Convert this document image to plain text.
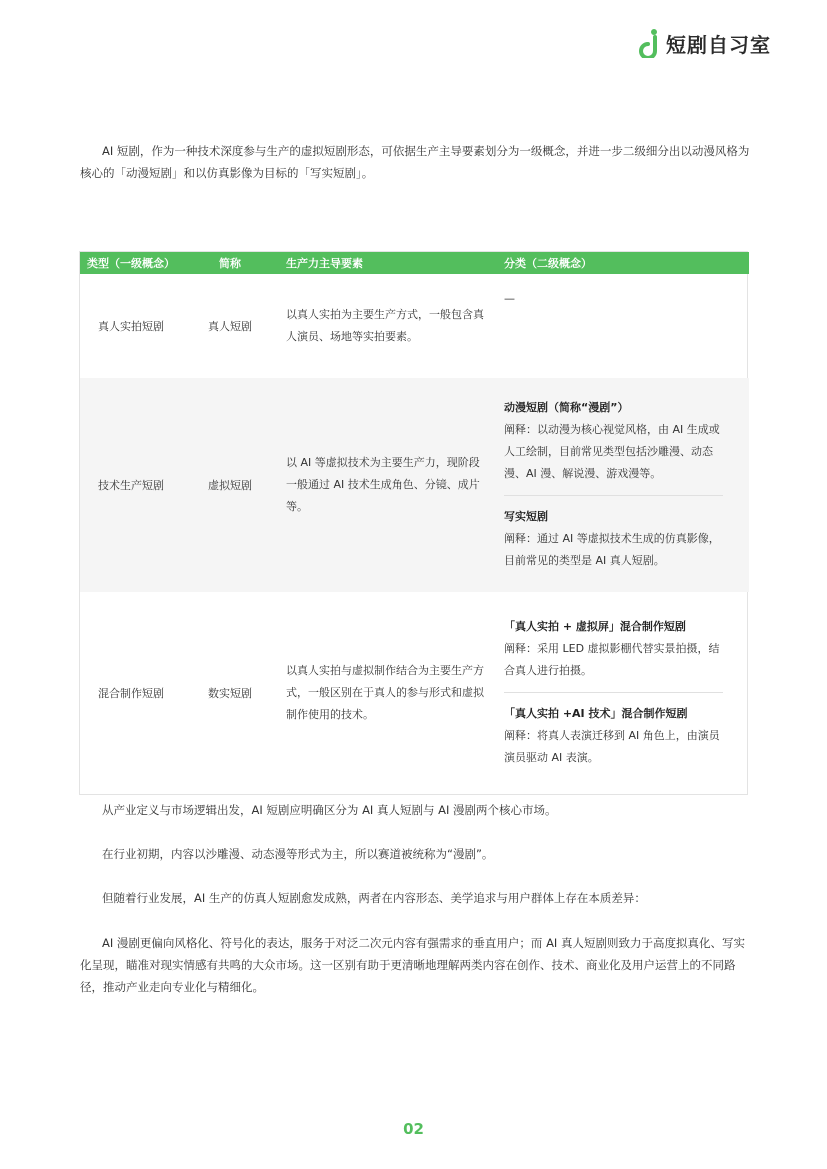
短剧自习室

AI 短剧，作为一种技术深度参与生产的虚拟短剧形态，可依据生产主导要素划分为一级概念，并进一步二级细分出以动漫风格为核心的「动漫短剧」和以仿真影像为目标的「写实短剧」。

类型（一级概念）	简称	生产力主导要素	分类（二级概念）
真人实拍短剧	真人短剧	以真人实拍为主要生产方式，一般包含真人演员、场地等实拍要素。	—

技术生产短剧	虚拟短剧	以 AI 等虚拟技术为主要生产力，现阶段一般通过 AI 技术生成角色、分镜、成片等。	动漫短剧（简称“漫剧”）
阐释：以动漫为核心视觉风格，由 AI 生成或人工绘制，目前常见类型包括沙雕漫、动态漫、AI 漫、解说漫、游戏漫等。
写实短剧
阐释：通过 AI 等虚拟技术生成的仿真影像，目前常见的类型是 AI 真人短剧。

混合制作短剧	数实短剧	以真人实拍与虚拟制作结合为主要生产方式，一般区别在于真人的参与形式和虚拟制作使用的技术。	「真人实拍 + 虚拟屏」混合制作短剧
阐释：采用 LED 虚拟影棚代替实景拍摄，结合真人进行拍摄。
「真人实拍 +AI 技术」混合制作短剧
阐释：将真人表演迁移到 AI 角色上，由演员演员驱动 AI 表演。

从产业定义与市场逻辑出发，AI 短剧应明确区分为 AI 真人短剧与 AI 漫剧两个核心市场。

在行业初期，内容以沙雕漫、动态漫等形式为主，所以赛道被统称为“漫剧”。

但随着行业发展，AI 生产的仿真人短剧愈发成熟，两者在内容形态、美学追求与用户群体上存在本质差异：

AI 漫剧更偏向风格化、符号化的表达，服务于对泛二次元内容有强需求的垂直用户；而 AI 真人短剧则致力于高度拟真化、写实化呈现，瞄准对现实情感有共鸣的大众市场。这一区别有助于更清晰地理解两类内容在创作、技术、商业化及用户运营上的不同路径，推动产业走向专业化与精细化。

02
